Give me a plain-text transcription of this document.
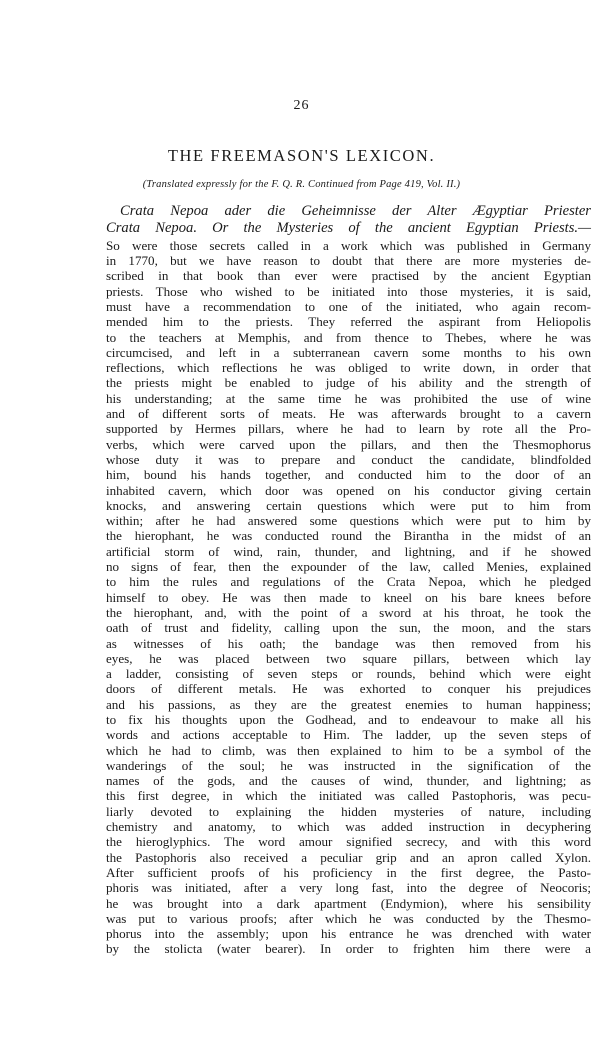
26
THE FREEMASON'S LEXICON.
(Translated expressly for the F. Q. R. Continued from Page 419, Vol. II.)
Crata Nepoa ader die Geheimnisse der Alter Ægyptiar Priester
Crata Nepoa. Or the Mysteries of the ancient Egyptian Priests.—
So were those secrets called in a work which was published in Germany
in 1770, but we have reason to doubt that there are more mysteries de-
scribed in that book than ever were practised by the ancient Egyptian
priests. Those who wished to be initiated into those mysteries, it is said,
must have a recommendation to one of the initiated, who again recom-
mended him to the priests. They referred the aspirant from Heliopolis
to the teachers at Memphis, and from thence to Thebes, where he was
circumcised, and left in a subterranean cavern some months to his own
reflections, which reflections he was obliged to write down, in order that
the priests might be enabled to judge of his ability and the strength of
his understanding; at the same time he was prohibited the use of wine
and of different sorts of meats. He was afterwards brought to a cavern
supported by Hermes pillars, where he had to learn by rote all the Pro-
verbs, which were carved upon the pillars, and then the Thesmophorus
whose duty it was to prepare and conduct the candidate, blindfolded
him, bound his hands together, and conducted him to the door of an
inhabited cavern, which door was opened on his conductor giving certain
knocks, and answering certain questions which were put to him from
within; after he had answered some questions which were put to him by
the hierophant, he was conducted round the Birantha in the midst of an
artificial storm of wind, rain, thunder, and lightning, and if he showed
no signs of fear, then the expounder of the law, called Menies, explained
to him the rules and regulations of the Crata Nepoa, which he pledged
himself to obey. He was then made to kneel on his bare knees before
the hierophant, and, with the point of a sword at his throat, he took the
oath of trust and fidelity, calling upon the sun, the moon, and the stars
as witnesses of his oath; the bandage was then removed from his
eyes, he was placed between two square pillars, between which lay
a ladder, consisting of seven steps or rounds, behind which were eight
doors of different metals. He was exhorted to conquer his prejudices
and his passions, as they are the greatest enemies to human happiness;
to fix his thoughts upon the Godhead, and to endeavour to make all his
words and actions acceptable to Him. The ladder, up the seven steps of
which he had to climb, was then explained to him to be a symbol of the
wanderings of the soul; he was instructed in the signification of the
names of the gods, and the causes of wind, thunder, and lightning; as
this first degree, in which the initiated was called Pastophoris, was pecu-
liarly devoted to explaining the hidden mysteries of nature, including
chemistry and anatomy, to which was added instruction in decyphering
the hieroglyphics. The word amour signified secrecy, and with this word
the Pastophoris also received a peculiar grip and an apron called Xylon.
After sufficient proofs of his proficiency in the first degree, the Pasto-
phoris was initiated, after a very long fast, into the degree of Neocoris;
he was brought into a dark apartment (Endymion), where his sensibility
was put to various proofs; after which he was conducted by the Thesmo-
phorus into the assembly; upon his entrance he was drenched with water
by the stolicta (water bearer). In order to frighten him there were a
